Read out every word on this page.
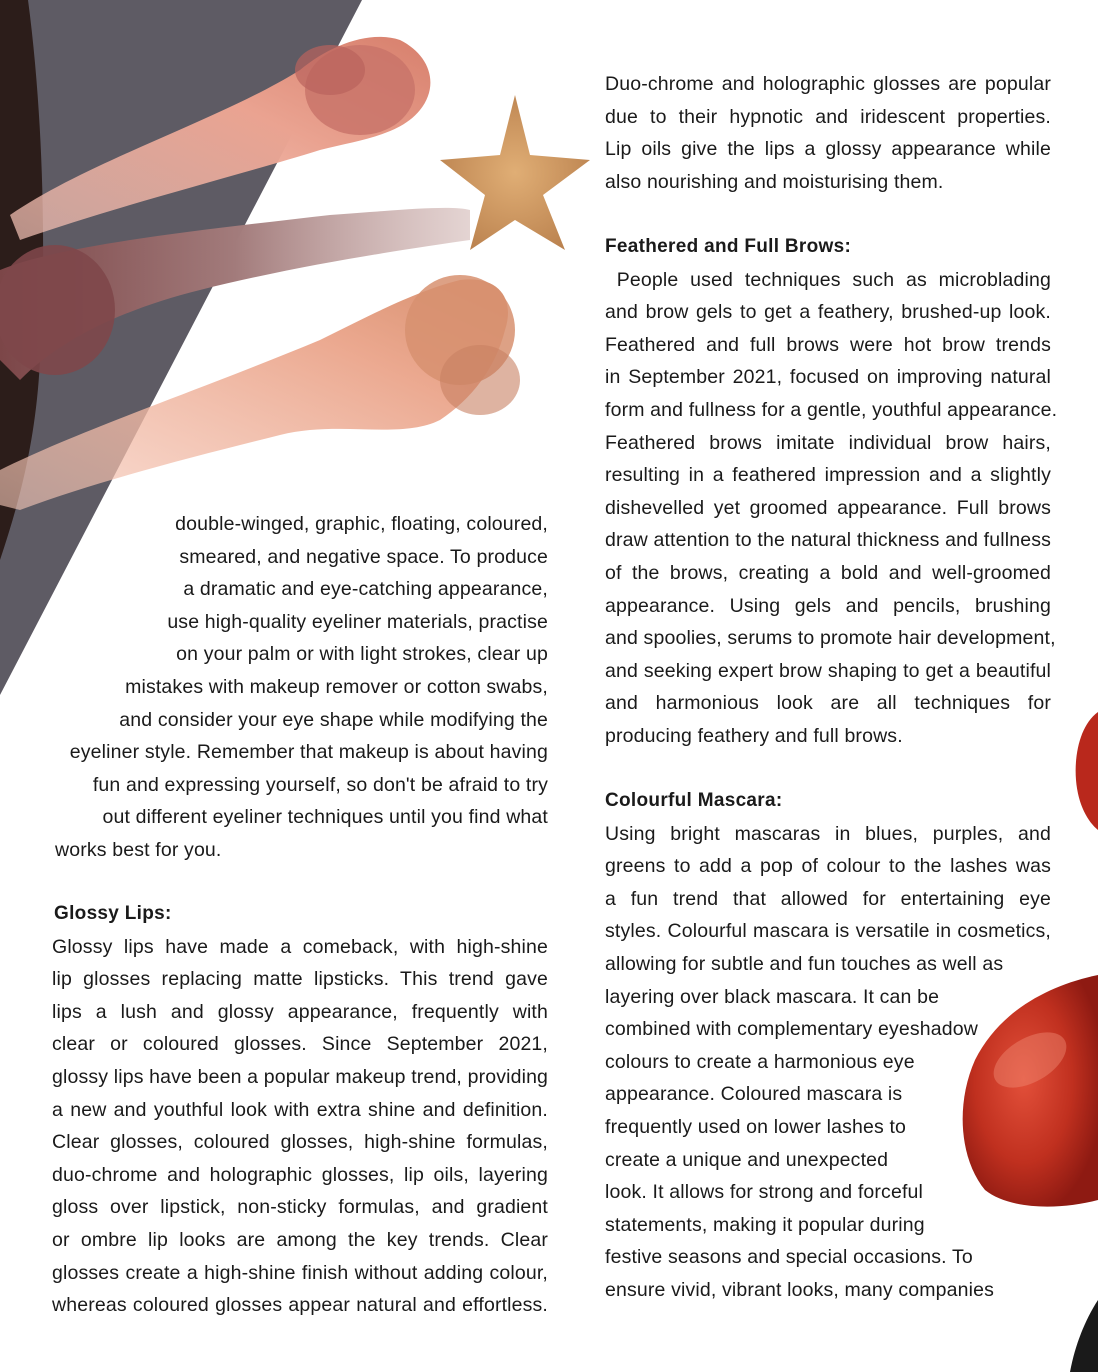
double-winged, graphic, floating, coloured,
smeared, and negative space. To produce
a dramatic and eye-catching appearance,
use high-quality eyeliner materials, practise
on your palm or with light strokes, clear up
mistakes with makeup remover or cotton swabs,
and consider your eye shape while modifying the
eyeliner style. Remember that makeup is about having
fun and expressing yourself, so don't be afraid to try
out different eyeliner techniques until you find what
works best for you.
Glossy Lips:
Glossy lips have made a comeback, with high-shine
lip glosses replacing matte lipsticks. This trend gave
lips a lush and glossy appearance, frequently with
clear or coloured glosses. Since September 2021,
glossy lips have been a popular makeup trend, providing
a new and youthful look with extra shine and definition.
Clear glosses, coloured glosses, high-shine formulas,
duo-chrome and holographic glosses, lip oils, layering
gloss over lipstick, non-sticky formulas, and gradient
or ombre lip looks are among the key trends. Clear
glosses create a high-shine finish without adding colour,
whereas coloured glosses appear natural and effortless.
Duo-chrome and holographic glosses are popular
due to their hypnotic and iridescent properties.
Lip oils give the lips a glossy appearance while
also nourishing and moisturising them.
Feathered and Full Brows:
People used techniques such as microblading
and brow gels to get a feathery, brushed-up look.
Feathered and full brows were hot brow trends
in September 2021, focused on improving natural
form and fullness for a gentle, youthful appearance.
Feathered brows imitate individual brow hairs,
resulting in a feathered impression and a slightly
dishevelled yet groomed appearance. Full brows
draw attention to the natural thickness and fullness
of the brows, creating a bold and well-groomed
appearance. Using gels and pencils, brushing
and spoolies, serums to promote hair development,
and seeking expert brow shaping to get a beautiful
and harmonious look are all techniques for
producing feathery and full brows.
Colourful Mascara:
Using bright mascaras in blues, purples, and
greens to add a pop of colour to the lashes was
a fun trend that allowed for entertaining eye
styles. Colourful mascara is versatile in cosmetics,
allowing for subtle and fun touches as well as
layering over black mascara. It can be
combined with complementary eyeshadow
colours to create a harmonious eye
appearance. Coloured mascara is
frequently used on lower lashes to
create a unique and unexpected
look. It allows for strong and forceful
statements, making it popular during
festive seasons and special occasions. To
ensure vivid, vibrant looks, many companies
